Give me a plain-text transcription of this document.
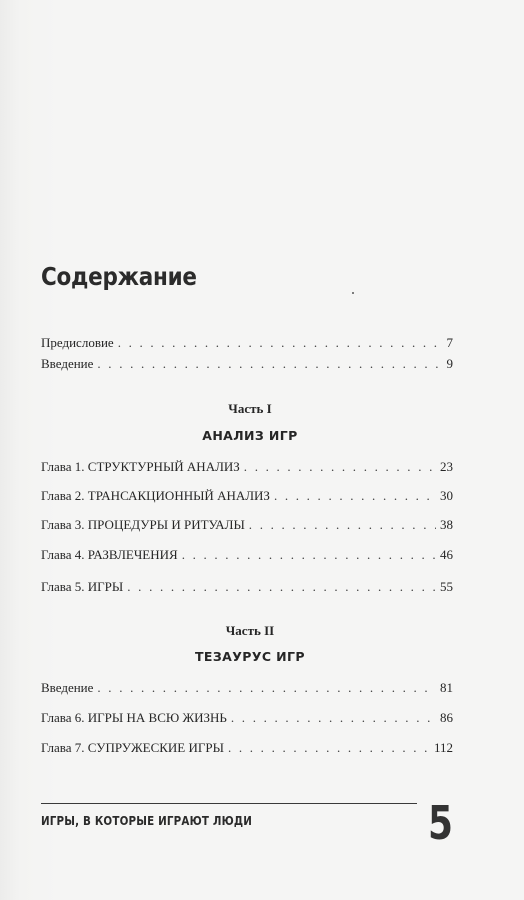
Содержание
Предисловие . . .	7
Введение . . .	9
Часть I
АНАЛИЗ ИГР
Глава 1. СТРУКТУРНЫЙ АНАЛИЗ . . .	23
Глава 2. ТРАНСАКЦИОННЫЙ АНАЛИЗ . . .	30
Глава 3. ПРОЦЕДУРЫ И РИТУАЛЫ . . .	38
Глава 4. РАЗВЛЕЧЕНИЯ . . .	46
Глава 5. ИГРЫ . . .	55
Часть II
ТЕЗАУРУС ИГР
Введение . . .	81
Глава 6. ИГРЫ НА ВСЮ ЖИЗНЬ . . .	86
Глава 7. СУПРУЖЕСКИЕ ИГРЫ . . .	112
ИГРЫ, В КОТОРЫЕ ИГРАЮТ ЛЮДИ	5
